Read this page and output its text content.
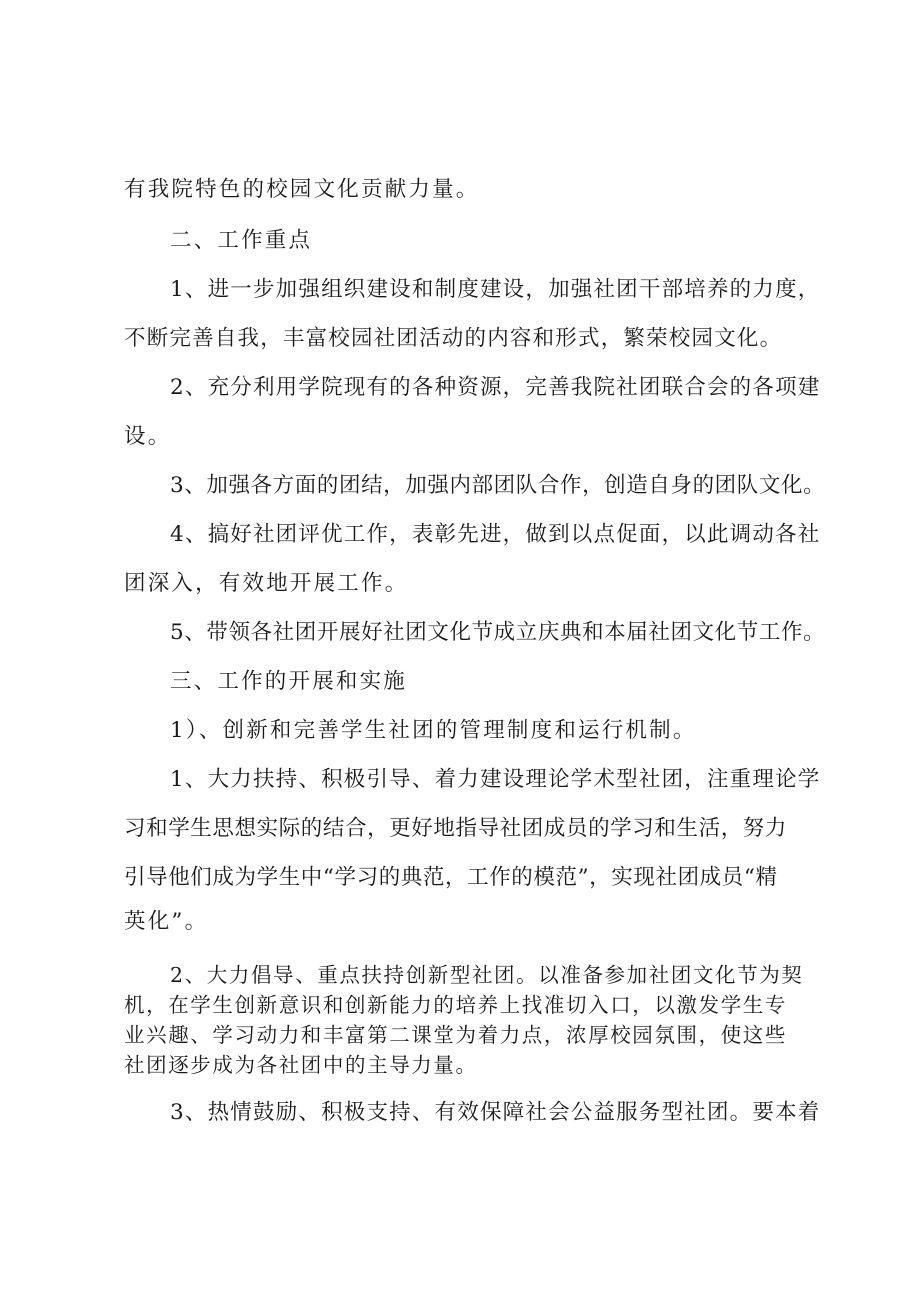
有我院特色的校园文化贡献力量。
二、工作重点
1、进一步加强组织建设和制度建设，加强社团干部培养的力度，
不断完善自我，丰富校园社团活动的内容和形式，繁荣校园文化。
2、充分利用学院现有的各种资源，完善我院社团联合会的各项建
设。
3、加强各方面的团结，加强内部团队合作，创造自身的团队文化。
4、搞好社团评优工作，表彰先进，做到以点促面，以此调动各社
团深入，有效地开展工作。
5、带领各社团开展好社团文化节成立庆典和本届社团文化节工作。
三、工作的开展和实施
1）、创新和完善学生社团的管理制度和运行机制。
1、大力扶持、积极引导、着力建设理论学术型社团，注重理论学
习和学生思想实际的结合，更好地指导社团成员的学习和生活，努力
引导他们成为学生中“学习的典范，工作的模范”，实现社团成员“精
英化”。
2、大力倡导、重点扶持创新型社团。以准备参加社团文化节为契
机，在学生创新意识和创新能力的培养上找准切入口，以激发学生专
业兴趣、学习动力和丰富第二课堂为着力点，浓厚校园氛围，使这些
社团逐步成为各社团中的主导力量。
3、热情鼓励、积极支持、有效保障社会公益服务型社团。要本着
